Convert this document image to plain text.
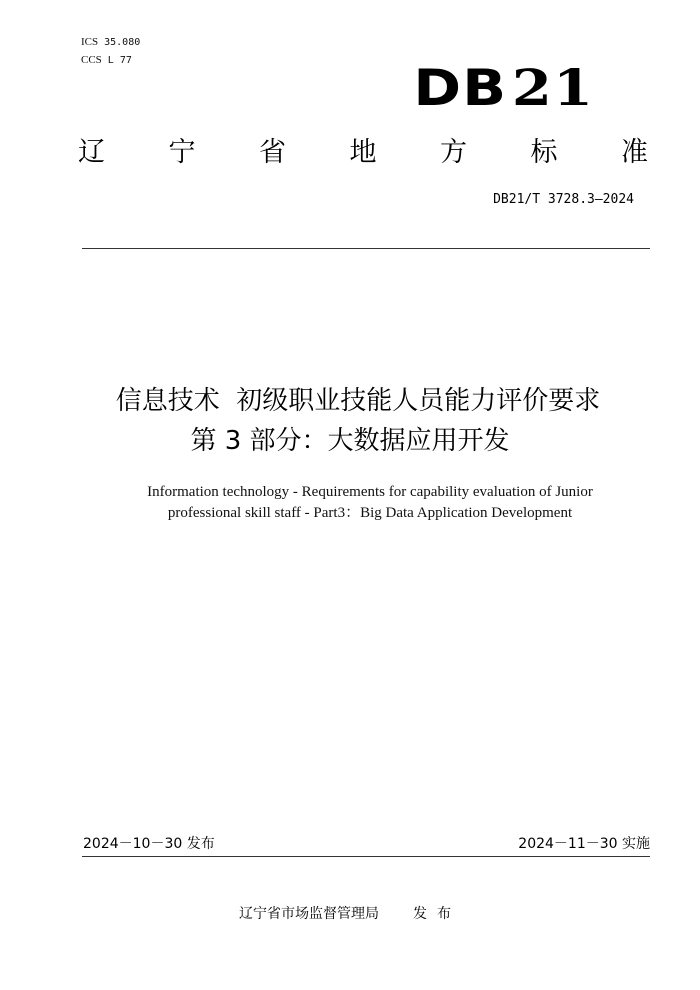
ICS 35.080
CCS L 77	DB21
辽 宁 省 地 方 标 准
DB21/T 3728.3—2024
信息技术  初级职业技能人员能力评价要求
第 3 部分：大数据应用开发
Information technology - Requirements for capability evaluation of Junior
professional skill staff - Part3：Big Data Application Development
2024－10－30 发布	2024－11－30 实施
辽宁省市场监督管理局 发布
